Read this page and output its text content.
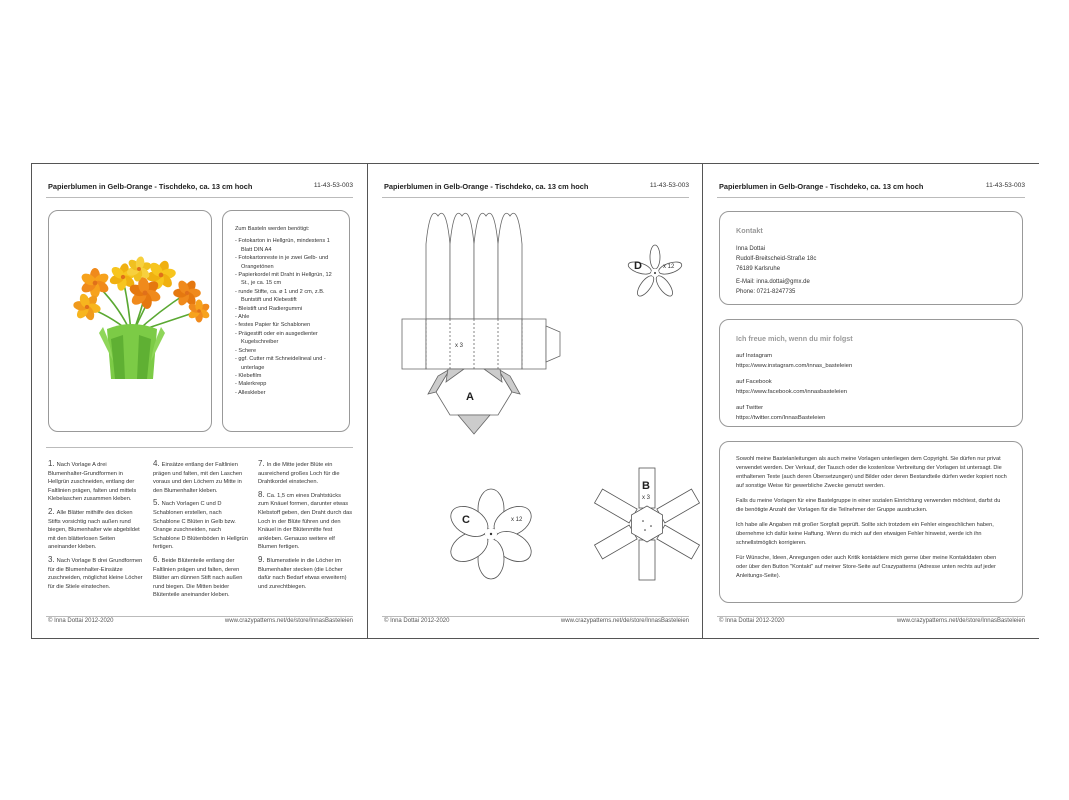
Papierblumen in Gelb-Orange - Tischdeko, ca. 13 cm hoch	11-43-53-003
Zum Basteln werden benötigt:
- Fotokarton in Hellgrün, mindestens 1 Blatt DIN A4
- Fotokartonreste in je zwei Gelb- und Orangetönen
- Papierkordel mit Draht in Hellgrün, 12 St., je ca. 15 cm
- runde Stifte, ca. ø 1 und 2 cm, z.B. Buntstift und Klebestift
- Bleistift und Radiergummi
- Ahle
- festes Papier für Schablonen
- Prägestift oder ein ausgedienter Kugelschreiber
- Schere
- ggf. Cutter mit Schneidelineal und -unterlage
- Klebefilm
- Malerkrepp
- Alleskleber
1. Nach Vorlage A drei Blumenhalter-Grundformen in Hellgrün zuschneiden, entlang der Faltlinien prägen, falten und mittels Klebelaschen zusammen kleben.
2. Alle Blätter mithilfe des dicken Stifts vorsichtig nach außen rund biegen, Blumenhalter wie abgebildet mit den blätterlosen Seiten aneinander kleben.
3. Nach Vorlage B drei Grundformen für die Blumenhalter-Einsätze zuschneiden, möglichst kleine Löcher für die Stiele einstechen.
4. Einsätze entlang der Faltlinien prägen und falten, mit den Laschen voraus und den Löchern zu Mitte in den Blumenhalter kleben.
5. Nach Vorlagen C und D Schablonen erstellen, nach Schablone C Blüten in Gelb bzw. Orange zuschneiden, nach Schablone D Blütenböden in Hellgrün fertigen.
6. Beide Blütenteile entlang der Faltlinien prägen und falten, deren Blätter am dünnen Stift nach außen rund biegen. Die Mitten beider Blütenteile aneinander kleben.
7. In die Mitte jeder Blüte ein ausreichend großes Loch für die Drahtkordel einstechen.
8. Ca. 1,5 cm eines Drahtstücks zum Knäuel formen, darunter etwas Klebstoff geben, den Draht durch das Loch in der Blüte führen und den Knäuel in der Blütenmitte fest ankleben. Genauso weitere elf Blumen fertigen.
9. Blumenstiele in die Löcher im Blumenhalter stecken (die Löcher dafür nach Bedarf etwas erweitern) und zurechtbiegen.
© Inna Dottai 2012-2020	www.crazypatterns.net/de/store/InnasBasteleien
Papierblumen in Gelb-Orange - Tischdeko, ca. 13 cm hoch	11-43-53-003
x 3
A
D	x 12
C	x 12
B
x 3
© Inna Dottai 2012-2020	www.crazypatterns.net/de/store/InnasBasteleien
Papierblumen in Gelb-Orange - Tischdeko, ca. 13 cm hoch	11-43-53-003
Kontakt
Inna Dottai
Rudolf-Breitscheid-Straße 18c
76189 Karlsruhe
E-Mail: inna.dottai@gmx.de
Phone: 0721-8247735
Ich freue mich, wenn du mir folgst
auf Instagram
https://www.instagram.com/innas_basteleien
auf Facebook
https://www.facebook.com/innasbasteleien
auf Twitter
https://twitter.com/InnasBasteleien

Sowohl meine Bastelanleitungen als auch meine Vorlagen unterliegen dem Copyright. Sie dürfen nur privat verwendet werden. Der Verkauf, der Tausch oder die kostenlose Verbreitung der Vorlagen ist untersagt. Die enthaltenen Texte (auch deren Übersetzungen) und Bilder oder deren Bestandteile dürfen weder kopiert noch auf sonstige Weise für gewerbliche Zwecke genutzt werden.

Falls du meine Vorlagen für eine Bastelgruppe in einer sozialen Einrichtung verwenden möchtest, darfst du die benötigte Anzahl der Vorlagen für die Teilnehmer der Gruppe ausdrucken.

Ich habe alle Angaben mit großer Sorgfalt geprüft. Sollte sich trotzdem ein Fehler eingeschlichen haben, übernehme ich dafür keine Haftung. Wenn du mich auf den etwaigen Fehler hinweist, werde ich ihn schnellstmöglich korrigieren.

Für Wünsche, Ideen, Anregungen oder auch Kritik kontaktiere mich gerne über meine Kontaktdaten oben oder über den Button "Kontakt" auf meiner Store-Seite auf Crazypatterns (Adresse unten rechts auf jeder Anleitungs-Seite).

© Inna Dottai 2012-2020	www.crazypatterns.net/de/store/InnasBasteleien
